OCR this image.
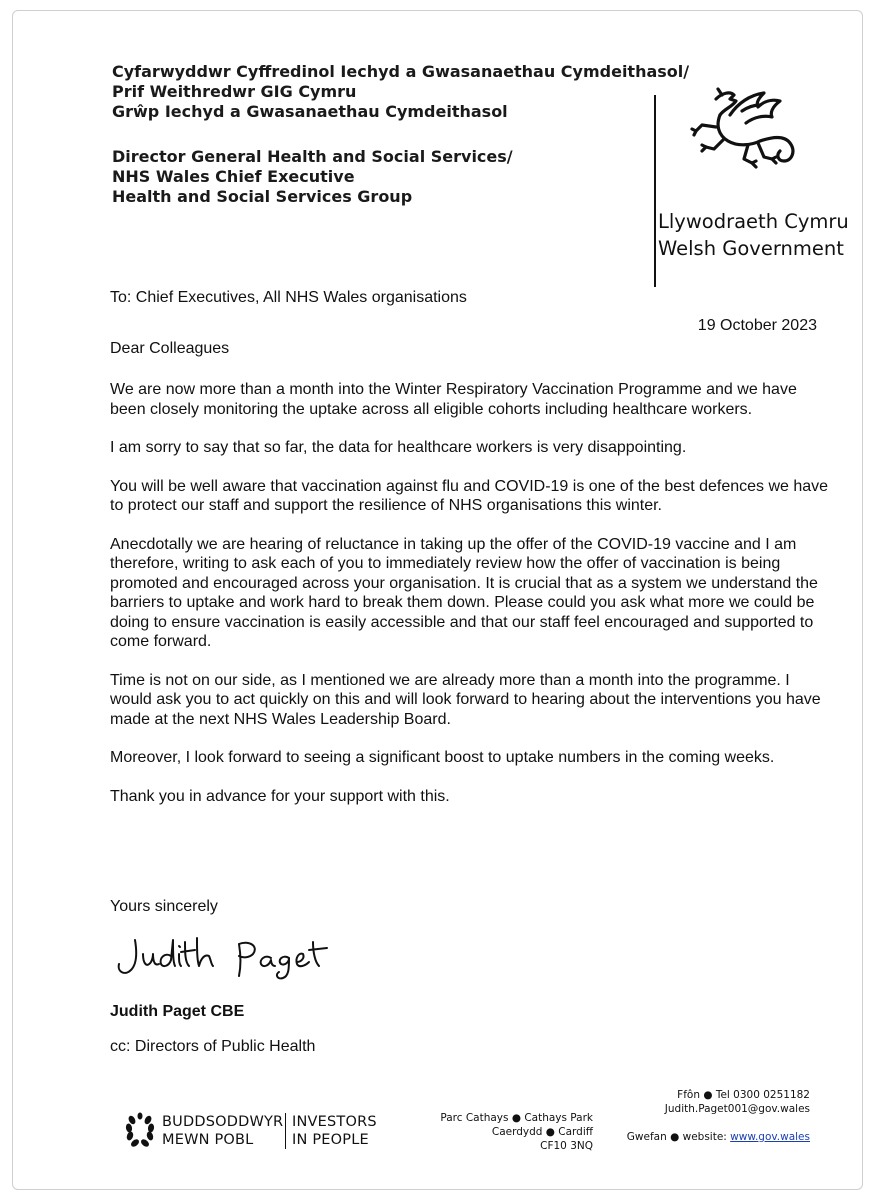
Cyfarwyddwr Cyffredinol Iechyd a Gwasanaethau Cymdeithasol/
Prif Weithredwr GIG Cymru
Grŵp Iechyd a Gwasanaethau Cymdeithasol
Director General Health and Social Services/
NHS Wales Chief Executive
Health and Social Services Group
Llywodraeth Cymru
Welsh Government
To: Chief Executives, All NHS Wales organisations
19 October 2023
Dear Colleagues

We are now more than a month into the Winter Respiratory Vaccination Programme and we have been closely monitoring the uptake across all eligible cohorts including healthcare workers.

I am sorry to say that so far, the data for healthcare workers is very disappointing.

You will be well aware that vaccination against flu and COVID-19 is one of the best defences we have to protect our staff and support the resilience of NHS organisations this winter.

Anecdotally we are hearing of reluctance in taking up the offer of the COVID-19 vaccine and I am therefore, writing to ask each of you to immediately review how the offer of vaccination is being promoted and encouraged across your organisation. It is crucial that as a system we understand the barriers to uptake and work hard to break them down. Please could you ask what more we could be doing to ensure vaccination is easily accessible and that our staff feel encouraged and supported to come forward.

Time is not on our side, as I mentioned we are already more than a month into the programme. I would ask you to act quickly on this and will look forward to hearing about the interventions you have made at the next NHS Wales Leadership Board.

Moreover, I look forward to seeing a significant boost to uptake numbers in the coming weeks.

Thank you in advance for your support with this.

Yours sincerely
Judith Paget CBE
cc: Directors of Public Health
BUDDSODDWYR
MEWN POBL
INVESTORS
IN PEOPLE
Parc Cathays ● Cathays Park
Caerdydd ● Cardiff
CF10 3NQ
Ffôn ● Tel 0300 0251182
Judith.Paget001@gov.wales
Gwefan ● website: www.gov.wales
